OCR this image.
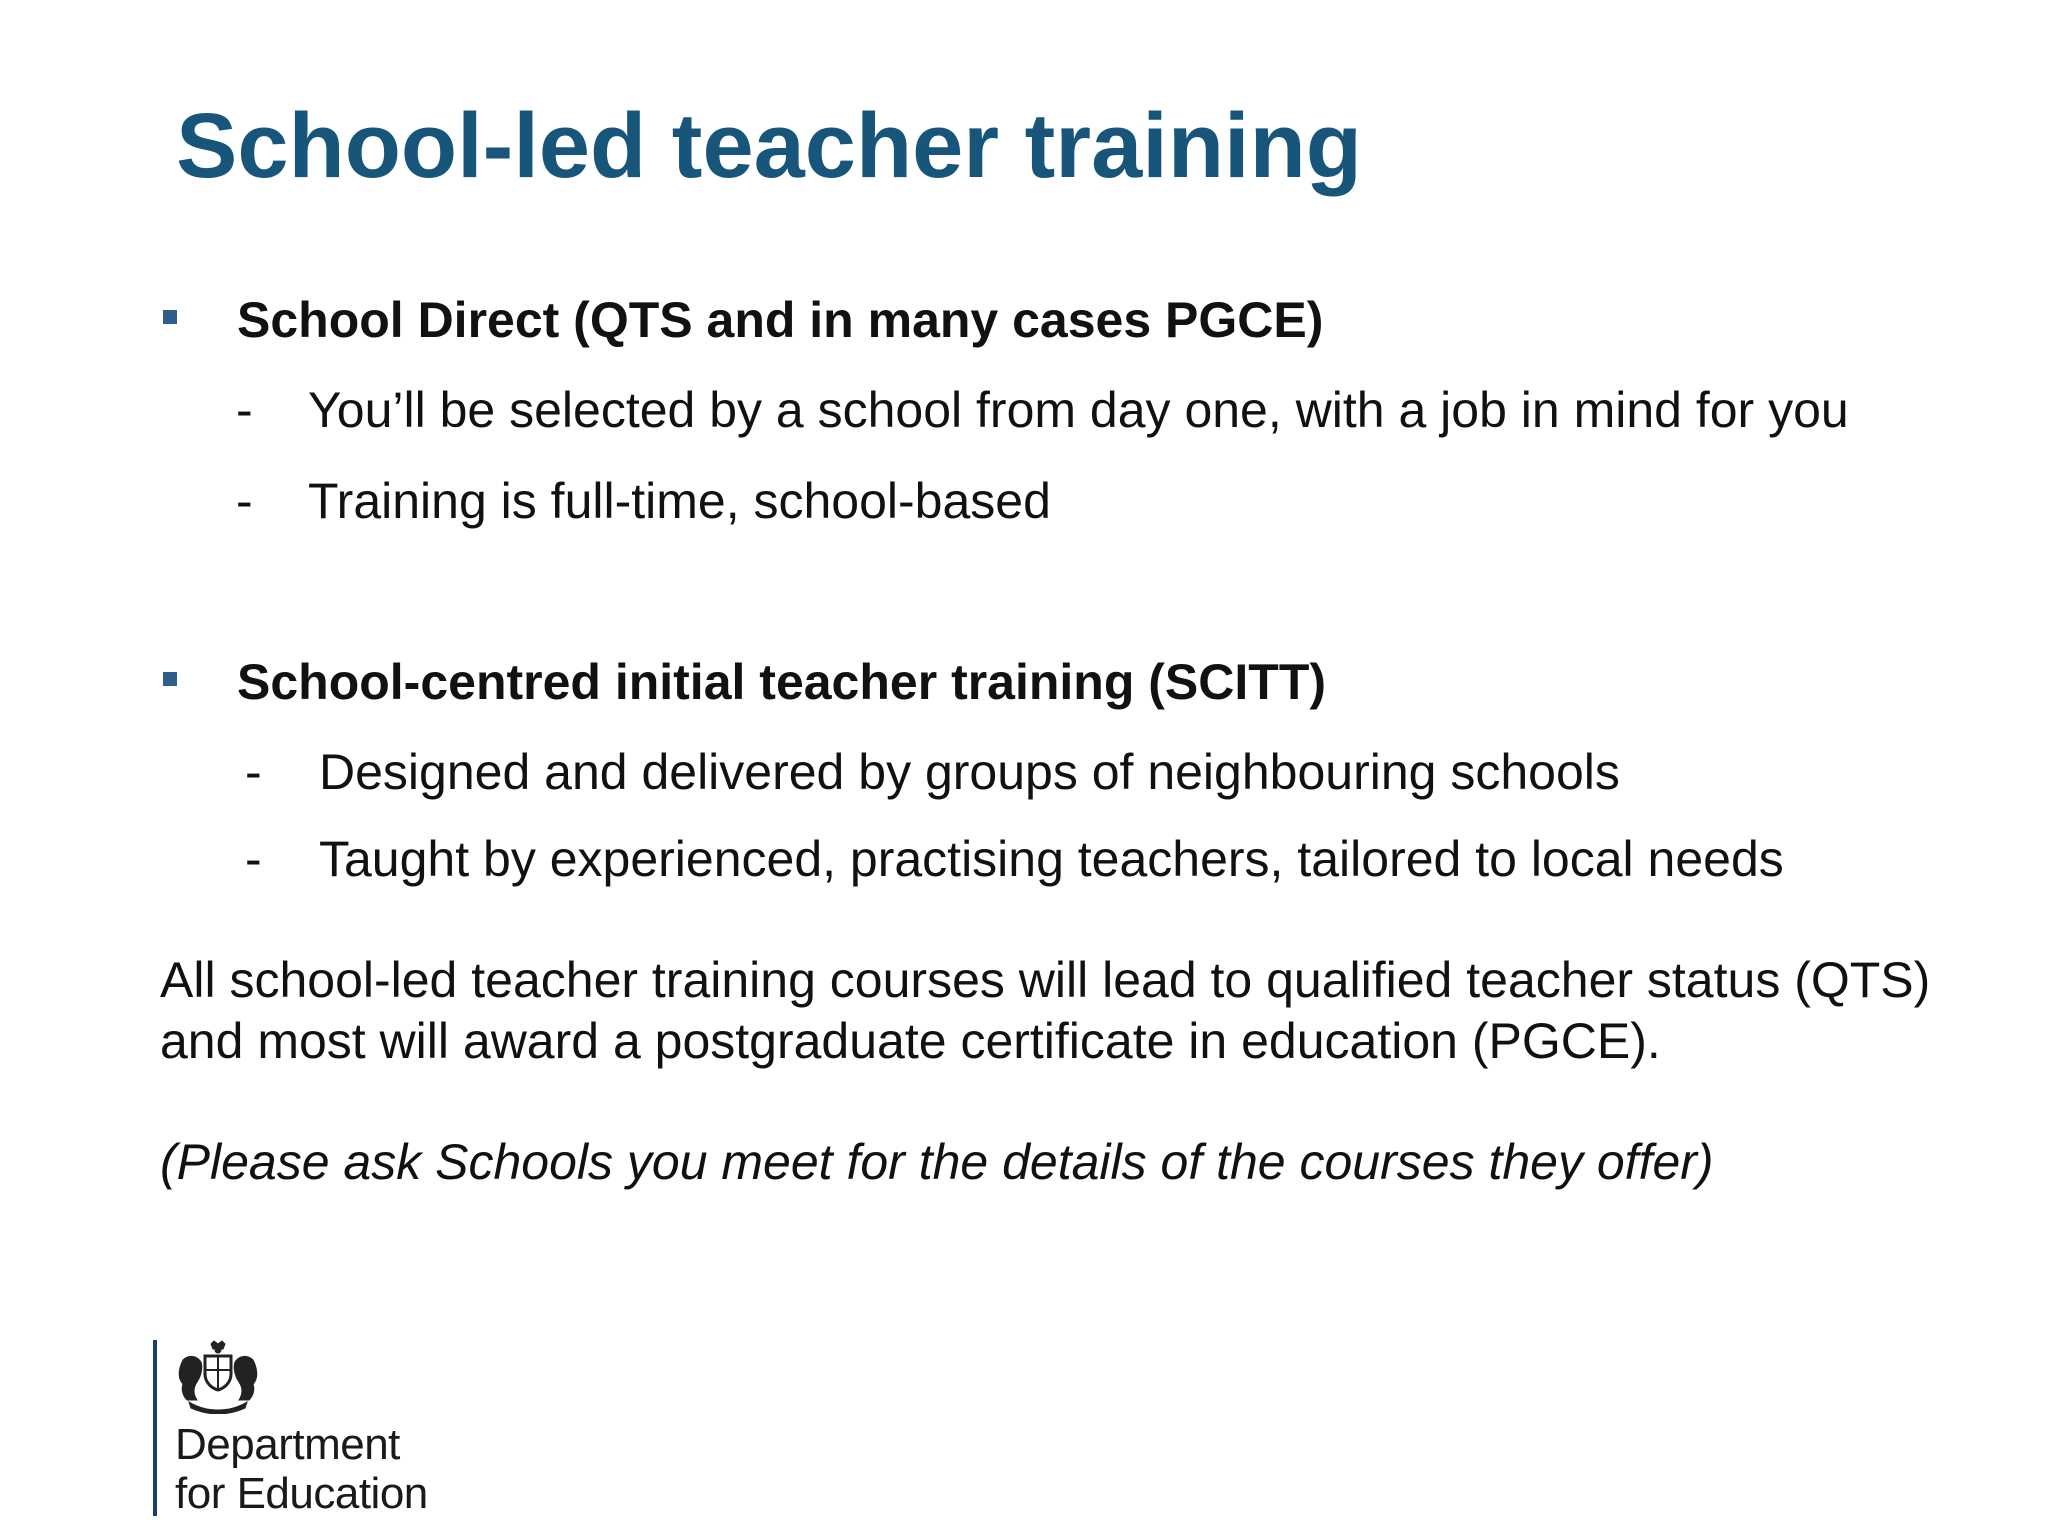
School-led teacher training
School Direct (QTS and in many cases PGCE)
- You’ll be selected by a school from day one, with a job in mind for you
- Training is full-time, school-based
School-centred initial teacher training (SCITT)
- Designed and delivered by groups of neighbouring schools
- Taught by experienced, practising teachers, tailored to local needs

All school-led teacher training courses will lead to qualified teacher status (QTS) and most will award a postgraduate certificate in education (PGCE).

(Please ask Schools you meet for the details of the courses they offer)

Department
for Education
